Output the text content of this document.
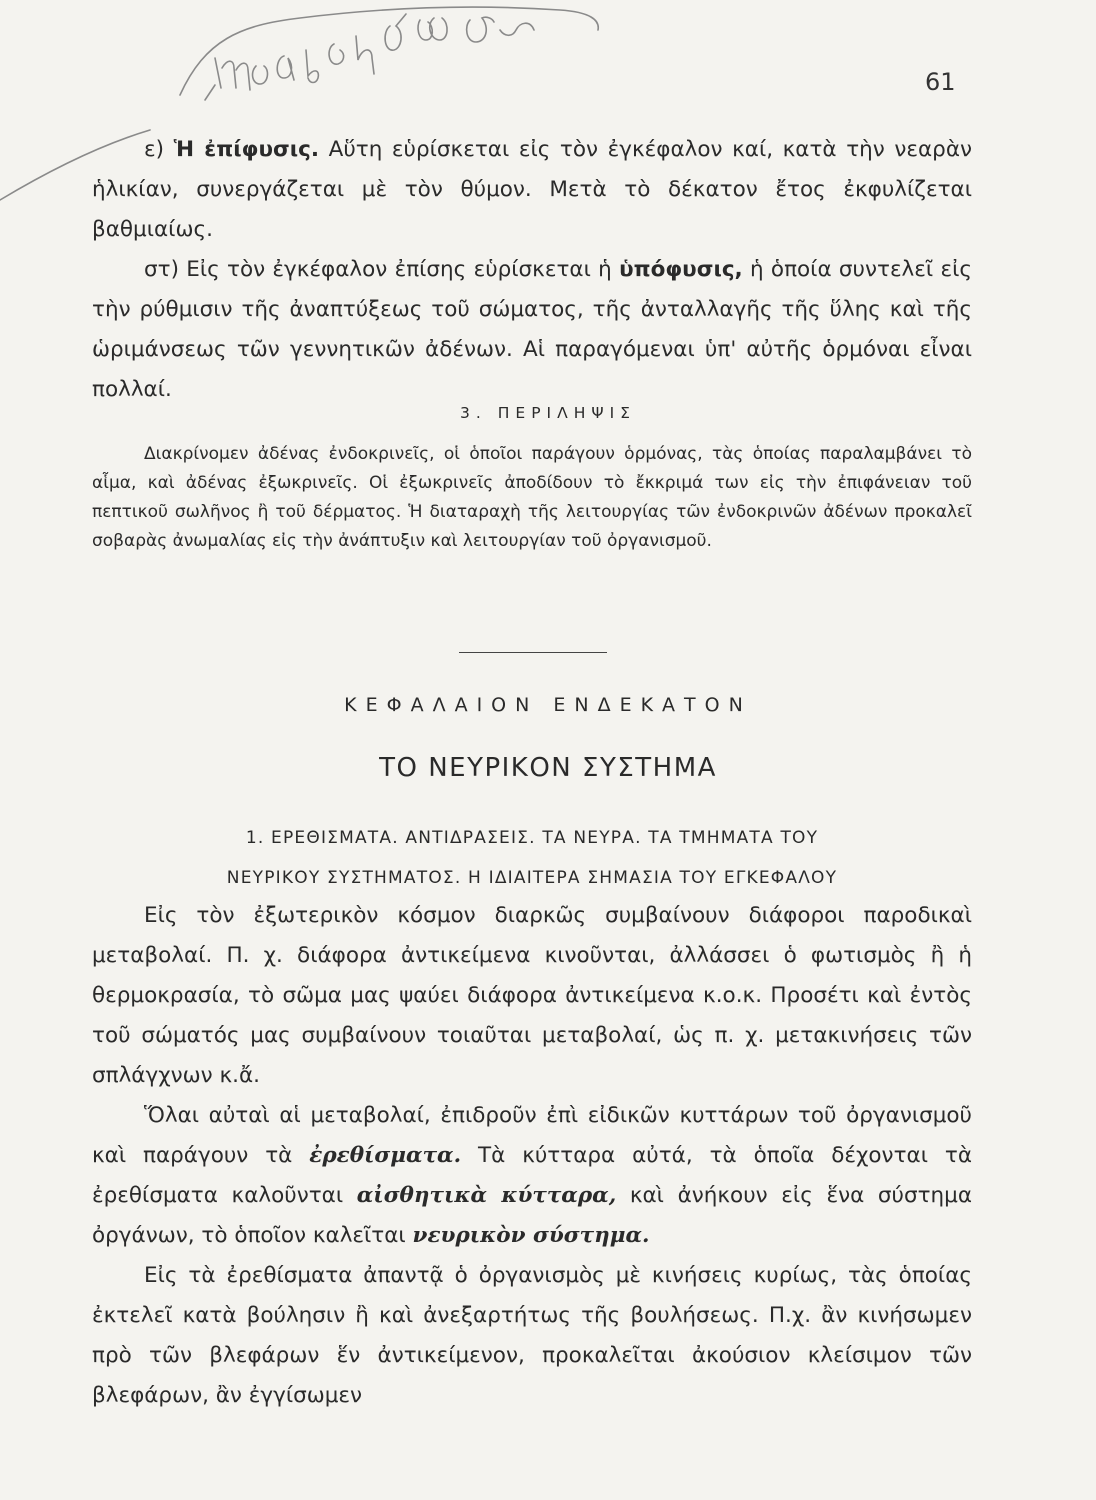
61

ε) Ἡ ἐπίφυσις. Αὕτη εὑρίσκεται εἰς τὸν ἐγκέφαλον καί, κατὰ τὴν νεαρὰν ἡλικίαν, συνεργάζεται μὲ τὸν θύμον. Μετὰ τὸ δέκατον ἔτος ἐκφυλίζεται βαθμιαίως.

στ) Εἰς τὸν ἐγκέφαλον ἐπίσης εὑρίσκεται ἡ ὑπόφυσις, ἡ ὁποία συντελεῖ εἰς τὴν ρύθμισιν τῆς ἀναπτύξεως τοῦ σώματος, τῆς ἀνταλλαγῆς τῆς ὕλης καὶ τῆς ὡριμάνσεως τῶν γεννητικῶν ἀδένων. Αἱ παραγόμεναι ὑπ' αὐτῆς ὁρμόναι εἶναι πολλαί.

3. ΠΕΡΙΛΗΨΙΣ

Διακρίνομεν ἀδένας ἐνδοκρινεῖς, οἱ ὁποῖοι παράγουν ὁρμόνας, τὰς ὁποίας παραλαμβάνει τὸ αἷμα, καὶ ἀδένας ἐξωκρινεῖς. Οἱ ἐξωκρινεῖς ἀποδίδουν τὸ ἔκκριμά των εἰς τὴν ἐπιφάνειαν τοῦ πεπτικοῦ σωλῆνος ἢ τοῦ δέρματος. Ἡ διαταραχὴ τῆς λειτουργίας τῶν ἐνδοκρινῶν ἀδένων προκαλεῖ σοβαρὰς ἀνωμαλίας εἰς τὴν ἀνάπτυξιν καὶ λειτουργίαν τοῦ ὀργανισμοῦ.

ΚΕΦΑΛΑΙΟΝ ΕΝΔΕΚΑΤΟΝ
ΤΟ ΝΕΥΡΙΚΟΝ ΣΥΣΤΗΜΑ
1. ΕΡΕΘΙΣΜΑΤΑ. ΑΝΤΙΔΡΑΣΕΙΣ. ΤΑ ΝΕΥΡΑ. ΤΑ ΤΜΗΜΑΤΑ ΤΟΥ
ΝΕΥΡΙΚΟΥ ΣΥΣΤΗΜΑΤΟΣ. Η ΙΔΙΑΙΤΕΡΑ ΣΗΜΑΣΙΑ ΤΟΥ ΕΓΚΕΦΑΛΟΥ

Εἰς τὸν ἐξωτερικὸν κόσμον διαρκῶς συμβαίνουν διάφοροι παροδικαὶ μεταβολαί. Π. χ. διάφορα ἀντικείμενα κινοῦνται, ἀλλάσσει ὁ φωτισμὸς ἢ ἡ θερμοκρασία, τὸ σῶμα μας ψαύει διάφορα ἀντικείμενα κ.ο.κ. Προσέτι καὶ ἐντὸς τοῦ σώματός μας συμβαίνουν τοιαῦται μεταβολαί, ὡς π. χ. μετακινήσεις τῶν σπλάγχνων κ.ἄ.

Ὅλαι αὐταὶ αἱ μεταβολαί, ἐπιδροῦν ἐπὶ εἰδικῶν κυττάρων τοῦ ὀργανισμοῦ καὶ παράγουν τὰ ἐρεθίσματα. Τὰ κύτταρα αὐτά, τὰ ὁποῖα δέχονται τὰ ἐρεθίσματα καλοῦνται αἰσθητικὰ κύτταρα, καὶ ἀνήκουν εἰς ἕνα σύστημα ὀργάνων, τὸ ὁποῖον καλεῖται νευρικὸν σύστημα.

Εἰς τὰ ἐρεθίσματα ἀπαντᾷ ὁ ὀργανισμὸς μὲ κινήσεις κυρίως, τὰς ὁποίας ἐκτελεῖ κατὰ βούλησιν ἢ καὶ ἀνεξαρτήτως τῆς βουλήσεως. Π.χ. ἂν κινήσωμεν πρὸ τῶν βλεφάρων ἕν ἀντικείμενον, προκαλεῖται ἀκούσιον κλείσιμον τῶν βλεφάρων, ἂν ἐγγίσωμεν
